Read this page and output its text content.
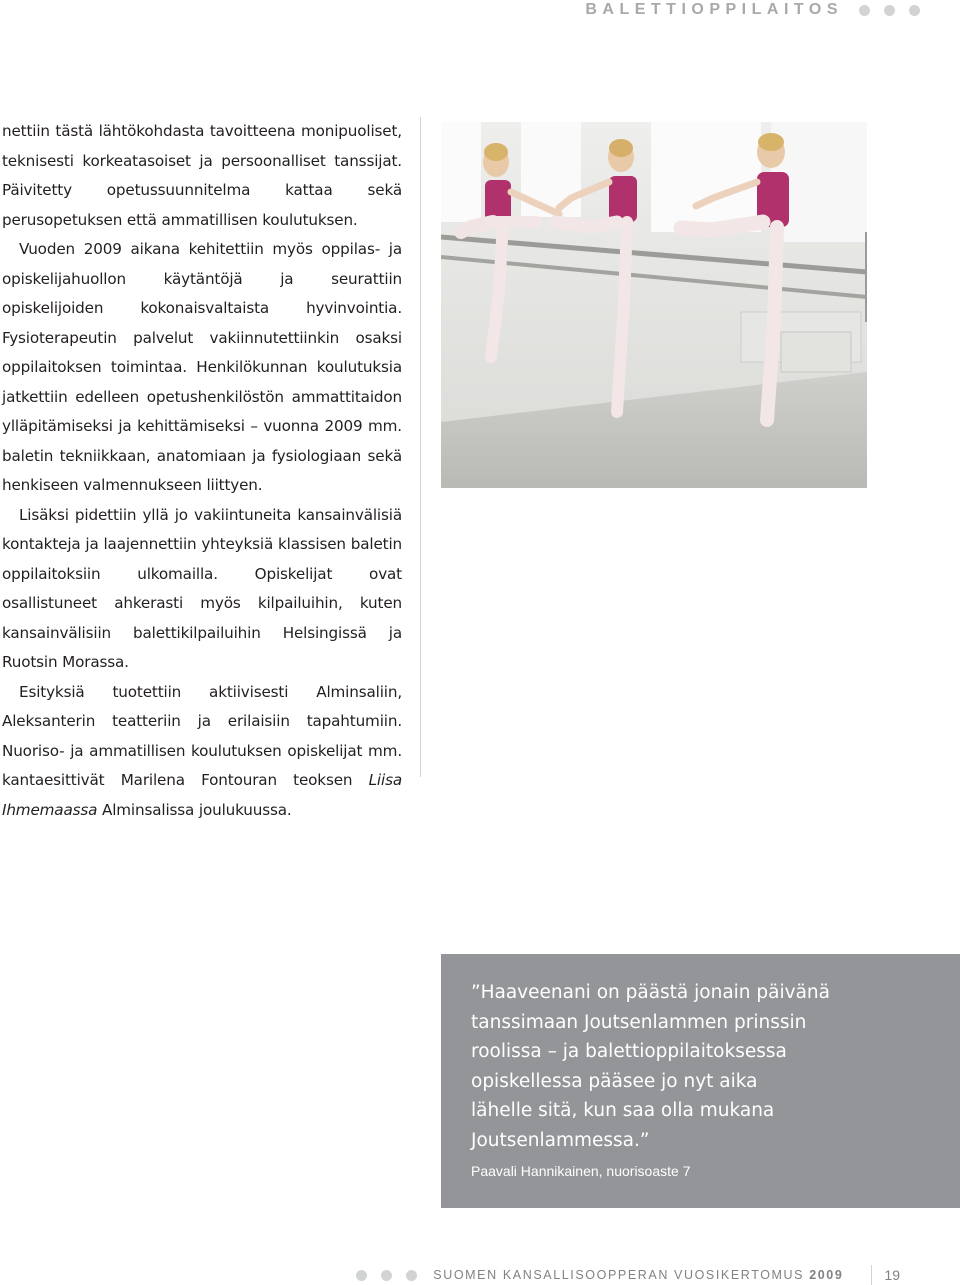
BALETTIOPPILAITOS

nettiin tästä lähtökohdasta tavoitteena monipuoliset, teknisesti korkeatasoiset ja persoonalliset tanssijat. Päivitetty opetussuunnitelma kattaa sekä perusopetuksen että ammatillisen koulutuksen.

Vuoden 2009 aikana kehitettiin myös oppilas- ja opiskelijahuollon käytäntöjä ja seurattiin opiskelijoiden kokonaisvaltaista hyvinvointia. Fysioterapeutin palvelut vakiinnutettiinkin osaksi oppilaitoksen toimintaa. Henkilökunnan koulutuksia jatkettiin edelleen opetushenkilöstön ammattitaidon ylläpitämiseksi ja kehittämiseksi – vuonna 2009 mm. baletin tekniikkaan, anatomiaan ja fysiologiaan sekä henkiseen valmennukseen liittyen.

Lisäksi pidettiin yllä jo vakiintuneita kansainvälisiä kontakteja ja laajennettiin yhteyksiä klassisen baletin oppilaitoksiin ulkomailla. Opiskelijat ovat osallistuneet ahkerasti myös kilpailuihin, kuten kansainvälisiin balettikilpailuihin Helsingissä ja Ruotsin Morassa.

Esityksiä tuotettiin aktiivisesti Alminsaliin, Aleksanterin teatteriin ja erilaisiin tapahtumiin. Nuoriso- ja ammatillisen koulutuksen opiskelijat mm. kantaesittivät Marilena Fontouran teoksen Liisa Ihmemaassa Alminsalissa joulukuussa.

”Haaveenani on päästä jonain päivänä
tanssimaan Joutsenlammen prinssin
roolissa – ja balettioppilaitoksessa
opiskellessa pääsee jo nyt aika
lähelle sitä, kun saa olla mukana
Joutsenlammessa.”
Paavali Hannikainen, nuorisoaste 7
SUOMEN KANSALLISOOPPERAN VUOSIKERTOMUS 2009	19
